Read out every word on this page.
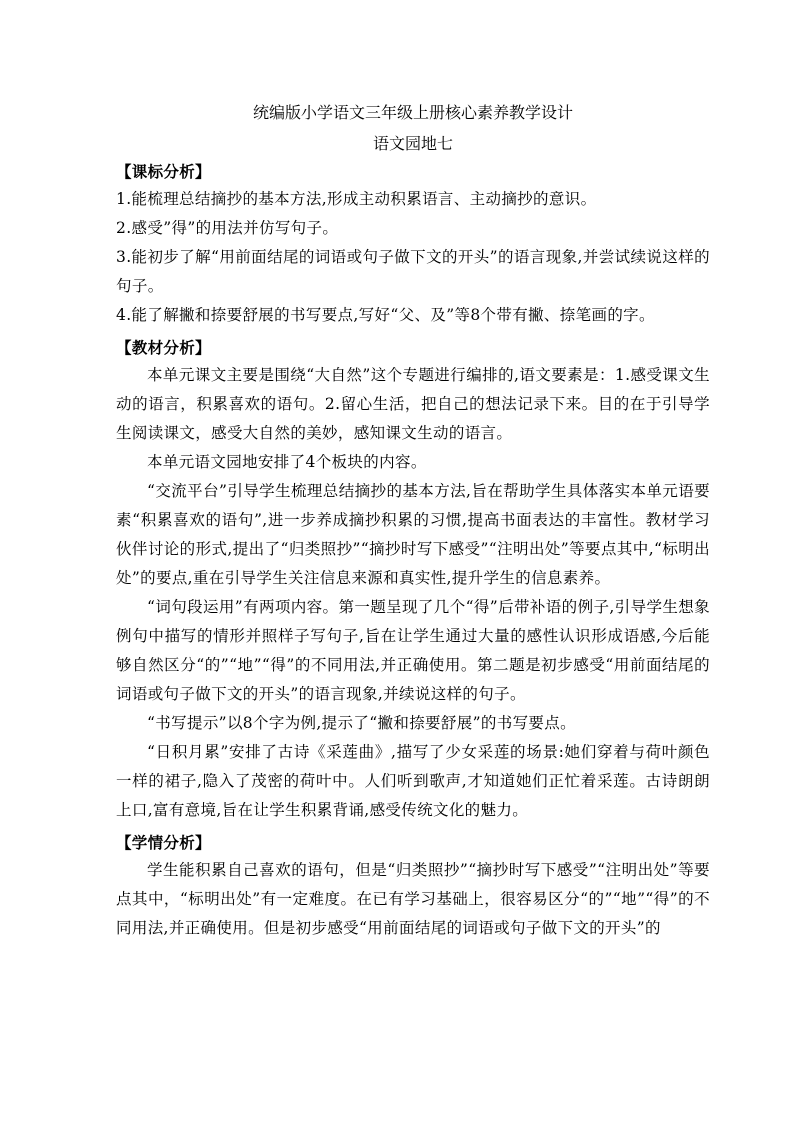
统编版小学语文三年级上册核心素养教学设计
语文园地七
【课标分析】

1.能梳理总结摘抄的基本方法,形成主动积累语言、主动摘抄的意识。

2.感受”得”的用法并仿写句子。

3.能初步了解“用前面结尾的词语或句子做下文的开头”的语言现象,并尝试续说这样的句子。

4.能了解撇和捺要舒展的书写要点,写好“父、及”等8个带有撇、捺笔画的字。

【教材分析】

本单元课文主要是围绕“大自然”这个专题进行编排的,语文要素是：1.感受课文生动的语言，积累喜欢的语句。2.留心生活，把自己的想法记录下来。目的在于引导学生阅读课文，感受大自然的美妙，感知课文生动的语言。

本单元语文园地安排了4个板块的内容。

“交流平台”引导学生梳理总结摘抄的基本方法,旨在帮助学生具体落实本单元语要素“积累喜欢的语句”,进一步养成摘抄积累的习惯,提高书面表达的丰富性。教材学习伙伴讨论的形式,提出了“归类照抄”“摘抄时写下感受”“注明出处”等要点其中,“标明出处”的要点,重在引导学生关注信息来源和真实性,提升学生的信息素养。

“词句段运用”有两项内容。第一题呈现了几个“得”后带补语的例子,引导学生想象例句中描写的情形并照样子写句子,旨在让学生通过大量的感性认识形成语感,今后能够自然区分“的”“地”“得”的不同用法,并正确使用。第二题是初步感受“用前面结尾的词语或句子做下文的开头”的语言现象,并续说这样的句子。

“书写提示”以8个字为例,提示了“撇和捺要舒展”的书写要点。

“日积月累”安排了古诗《采莲曲》,描写了少女采莲的场景:她们穿着与荷叶颜色一样的裙子,隐入了茂密的荷叶中。人们听到歌声,才知道她们正忙着采莲。古诗朗朗上口,富有意境,旨在让学生积累背诵,感受传统文化的魅力。

【学情分析】

学生能积累自己喜欢的语句，但是“归类照抄”“摘抄时写下感受”“注明出处”等要点其中，“标明出处”有一定难度。在已有学习基础上，很容易区分“的”“地”“得”的不同用法,并正确使用。但是初步感受“用前面结尾的词语或句子做下文的开头”的
